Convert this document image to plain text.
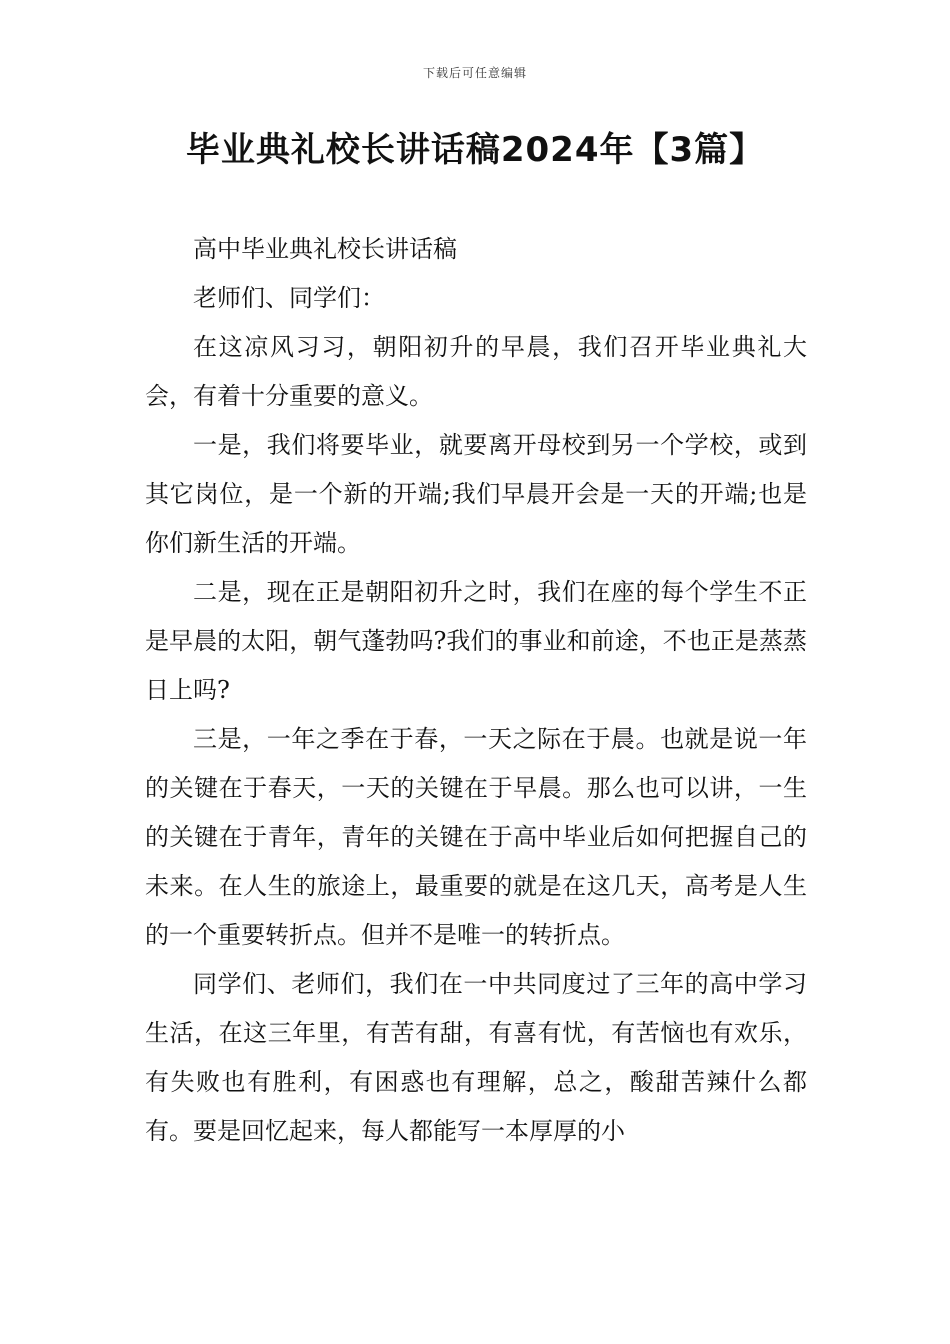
下载后可任意编辑
毕业典礼校长讲话稿2024年【3篇】

高中毕业典礼校长讲话稿

老师们、同学们：

在这凉风习习，朝阳初升的早晨，我们召开毕业典礼大会，有着十分重要的意义。

一是，我们将要毕业，就要离开母校到另一个学校，或到其它岗位，是一个新的开端;我们早晨开会是一天的开端;也是你们新生活的开端。

二是，现在正是朝阳初升之时，我们在座的每个学生不正是早晨的太阳，朝气蓬勃吗?我们的事业和前途，不也正是蒸蒸日上吗?

三是，一年之季在于春，一天之际在于晨。也就是说一年的关键在于春天，一天的关键在于早晨。那么也可以讲，一生的关键在于青年，青年的关键在于高中毕业后如何把握自己的未来。在人生的旅途上，最重要的就是在这几天，高考是人生的一个重要转折点。但并不是唯一的转折点。

同学们、老师们，我们在一中共同度过了三年的高中学习生活，在这三年里，有苦有甜，有喜有忧，有苦恼也有欢乐，有失败也有胜利，有困惑也有理解，总之，酸甜苦辣什么都有。要是回忆起来，每人都能写一本厚厚的小
